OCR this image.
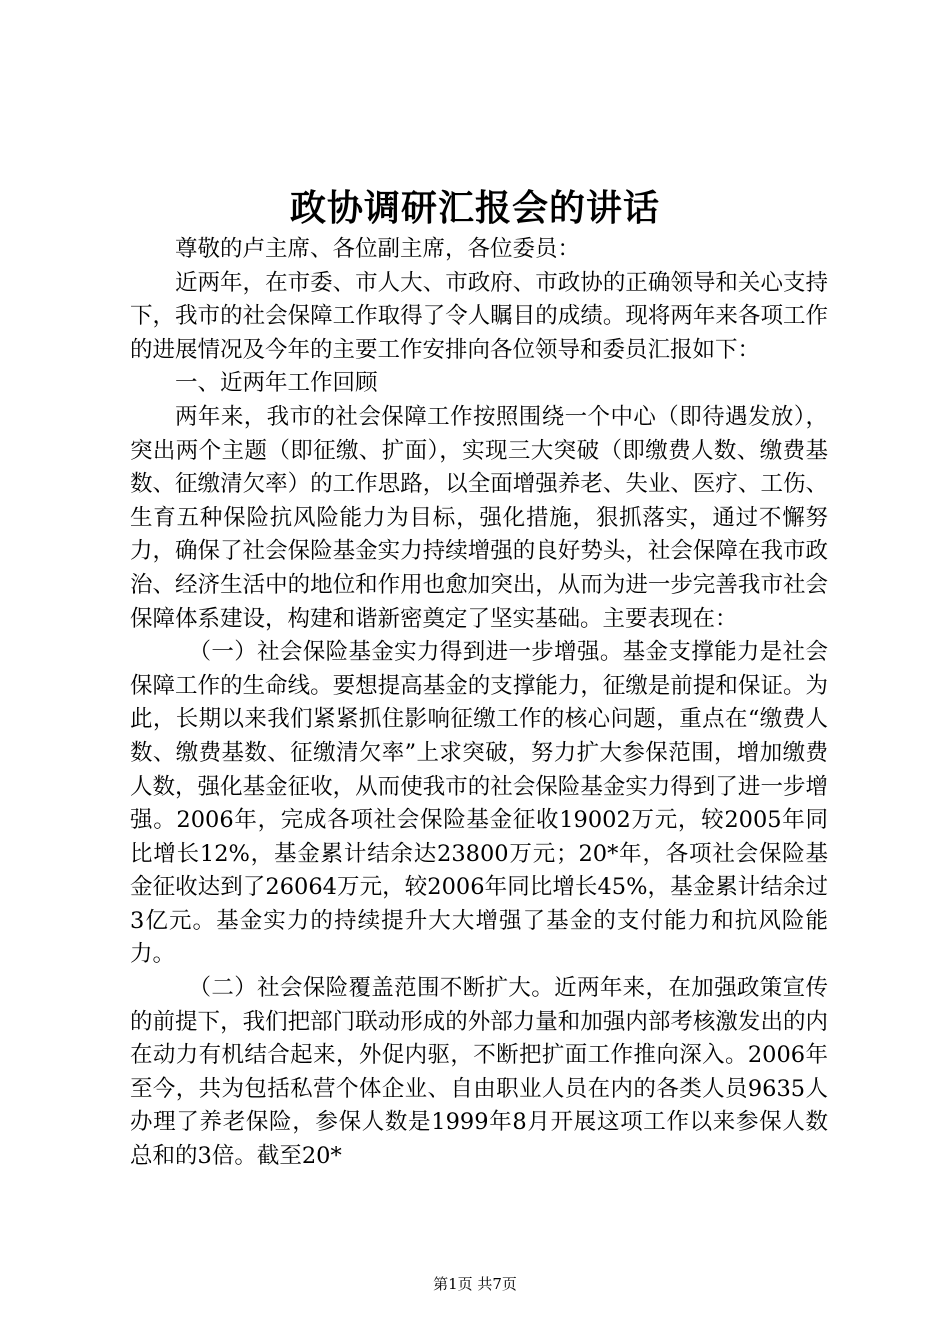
政协调研汇报会的讲话

尊敬的卢主席、各位副主席，各位委员：

近两年，在市委、市人大、市政府、市政协的正确领导和关心支持下，我市的社会保障工作取得了令人瞩目的成绩。现将两年来各项工作的进展情况及今年的主要工作安排向各位领导和委员汇报如下：

一、近两年工作回顾

两年来，我市的社会保障工作按照围绕一个中心（即待遇发放），突出两个主题（即征缴、扩面），实现三大突破（即缴费人数、缴费基数、征缴清欠率）的工作思路，以全面增强养老、失业、医疗、工伤、生育五种保险抗风险能力为目标，强化措施，狠抓落实，通过不懈努力，确保了社会保险基金实力持续增强的良好势头，社会保障在我市政治、经济生活中的地位和作用也愈加突出，从而为进一步完善我市社会保障体系建设，构建和谐新密奠定了坚实基础。主要表现在：

（一）社会保险基金实力得到进一步增强。基金支撑能力是社会保障工作的生命线。要想提高基金的支撑能力，征缴是前提和保证。为此，长期以来我们紧紧抓住影响征缴工作的核心问题，重点在“缴费人数、缴费基数、征缴清欠率”上求突破，努力扩大参保范围，增加缴费人数，强化基金征收，从而使我市的社会保险基金实力得到了进一步增强。2006年，完成各项社会保险基金征收19002万元，较2005年同比增长12%，基金累计结余达23800万元；20*年，各项社会保险基金征收达到了26064万元，较2006年同比增长45%，基金累计结余过3亿元。基金实力的持续提升大大增强了基金的支付能力和抗风险能力。

（二）社会保险覆盖范围不断扩大。近两年来，在加强政策宣传的前提下，我们把部门联动形成的外部力量和加强内部考核激发出的内在动力有机结合起来，外促内驱，不断把扩面工作推向深入。2006年至今，共为包括私营个体企业、自由职业人员在内的各类人员9635人办理了养老保险，参保人数是1999年8月开展这项工作以来参保人数总和的3倍。截至20*

第1页 共7页
